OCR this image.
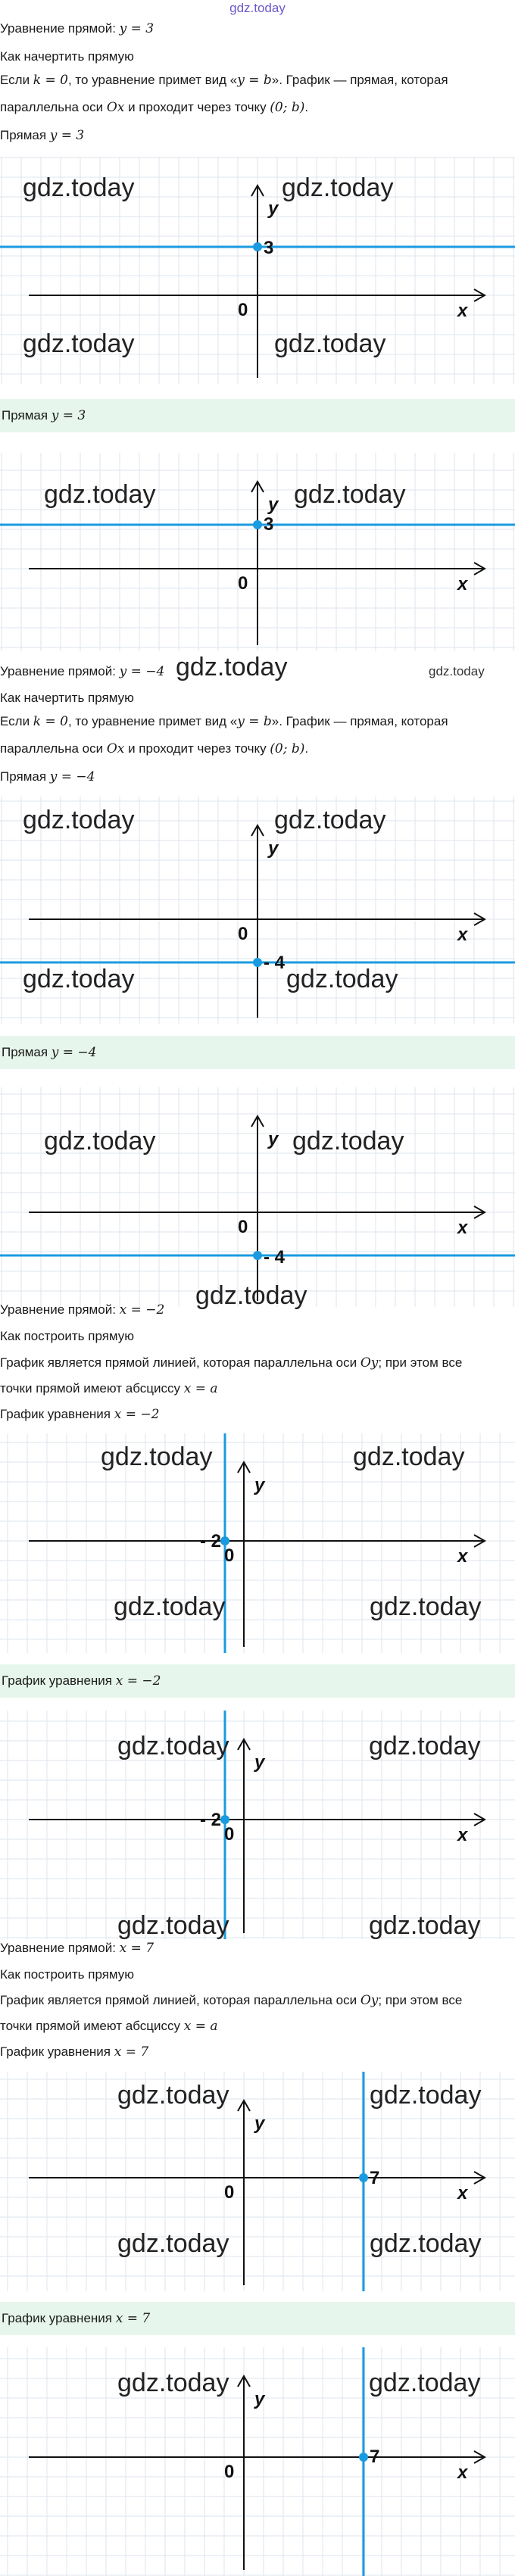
gdz.today
Уравнение прямой: y = 3
Как начертить прямую
Если k = 0, то уравнение примет вид «y = b». График — прямая, которая
параллельна оси Ox и проходит через точку (0; b).
Прямая y = 3
3
0	x
y
gdz.today	gdz.today
gdz.today	gdz.today
Прямая y = 3
3
0	x
y
gdz.today	gdz.today
Уравнение прямой: y = −4
Как начертить прямую
Если k = 0, то уравнение примет вид «y = b». График — прямая, которая
параллельна оси Ox и проходит через точку (0; b).
Прямая y = −4
gdz.today	gdz.today
- 4
0	x
y
gdz.today	gdz.today
gdz.today	gdz.today
Прямая y = −4
- 4
0	x
y
gdz.today	gdz.today
Уравнение прямой: x = −2 gdz.today
Как построить прямую
График является прямой линией, которая параллельна оси Oy; при этом все
точки прямой имеют абсциссу x = a
График уравнения x = −2
- 2
0	x
y
gdz.today	gdz.today
gdz.today	gdz.today
График уравнения x = −2
- 2
0	x
y
gdz.today	gdz.today
gdz.today	gdz.today
Уравнение прямой: x = 7
Как построить прямую
График является прямой линией, которая параллельна оси Oy; при этом все
точки прямой имеют абсциссу x = a
График уравнения x = 7
7
0	x
y
gdz.today	gdz.today
gdz.today	gdz.today
График уравнения x = 7
7
0	x
y
gdz.today	gdz.today
